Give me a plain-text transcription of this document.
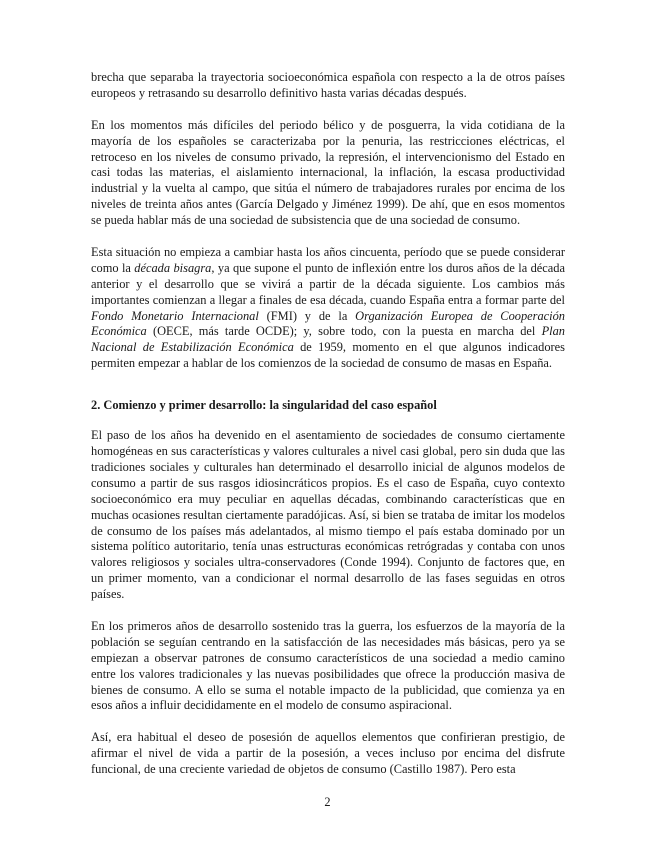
brecha que separaba la trayectoria socioeconómica española con respecto a la de otros países europeos y retrasando su desarrollo definitivo hasta varias décadas después.

En los momentos más difíciles del periodo bélico y de posguerra, la vida cotidiana de la mayoría de los españoles se caracterizaba por la penuria, las restricciones eléctricas, el retroceso en los niveles de consumo privado, la represión, el intervencionismo del Estado en casi todas las materias, el aislamiento internacional, la inflación, la escasa productividad industrial y la vuelta al campo, que sitúa el número de trabajadores rurales por encima de los niveles de treinta años antes (García Delgado y Jiménez 1999). De ahí, que en esos momentos se pueda hablar más de una sociedad de subsistencia que de una sociedad de consumo.

Esta situación no empieza a cambiar hasta los años cincuenta, período que se puede considerar como la década bisagra, ya que supone el punto de inflexión entre los duros años de la década anterior y el desarrollo que se vivirá a partir de la década siguiente. Los cambios más importantes comienzan a llegar a finales de esa década, cuando España entra a formar parte del Fondo Monetario Internacional (FMI) y de la Organización Europea de Cooperación Económica (OECE, más tarde OCDE); y, sobre todo, con la puesta en marcha del Plan Nacional de Estabilización Económica de 1959, momento en el que algunos indicadores permiten empezar a hablar de los comienzos de la sociedad de consumo de masas en España.

2. Comienzo y primer desarrollo: la singularidad del caso español

El paso de los años ha devenido en el asentamiento de sociedades de consumo ciertamente homogéneas en sus características y valores culturales a nivel casi global, pero sin duda que las tradiciones sociales y culturales han determinado el desarrollo inicial de algunos modelos de consumo a partir de sus rasgos idiosincráticos propios. Es el caso de España, cuyo contexto socioeconómico era muy peculiar en aquellas décadas, combinando características que en muchas ocasiones resultan ciertamente paradójicas. Así, si bien se trataba de imitar los modelos de consumo de los países más adelantados, al mismo tiempo el país estaba dominado por un sistema político autoritario, tenía unas estructuras económicas retrógradas y contaba con unos valores religiosos y sociales ultra-conservadores (Conde 1994). Conjunto de factores que, en un primer momento, van a condicionar el normal desarrollo de las fases seguidas en otros países.

En los primeros años de desarrollo sostenido tras la guerra, los esfuerzos de la mayoría de la población se seguían centrando en la satisfacción de las necesidades más básicas, pero ya se empiezan a observar patrones de consumo característicos de una sociedad a medio camino entre los valores tradicionales y las nuevas posibilidades que ofrece la producción masiva de bienes de consumo. A ello se suma el notable impacto de la publicidad, que comienza ya en esos años a influir decididamente en el modelo de consumo aspiracional.

Así, era habitual el deseo de posesión de aquellos elementos que confirieran prestigio, de afirmar el nivel de vida a partir de la posesión, a veces incluso por encima del disfrute funcional, de una creciente variedad de objetos de consumo (Castillo 1987). Pero esta

2
